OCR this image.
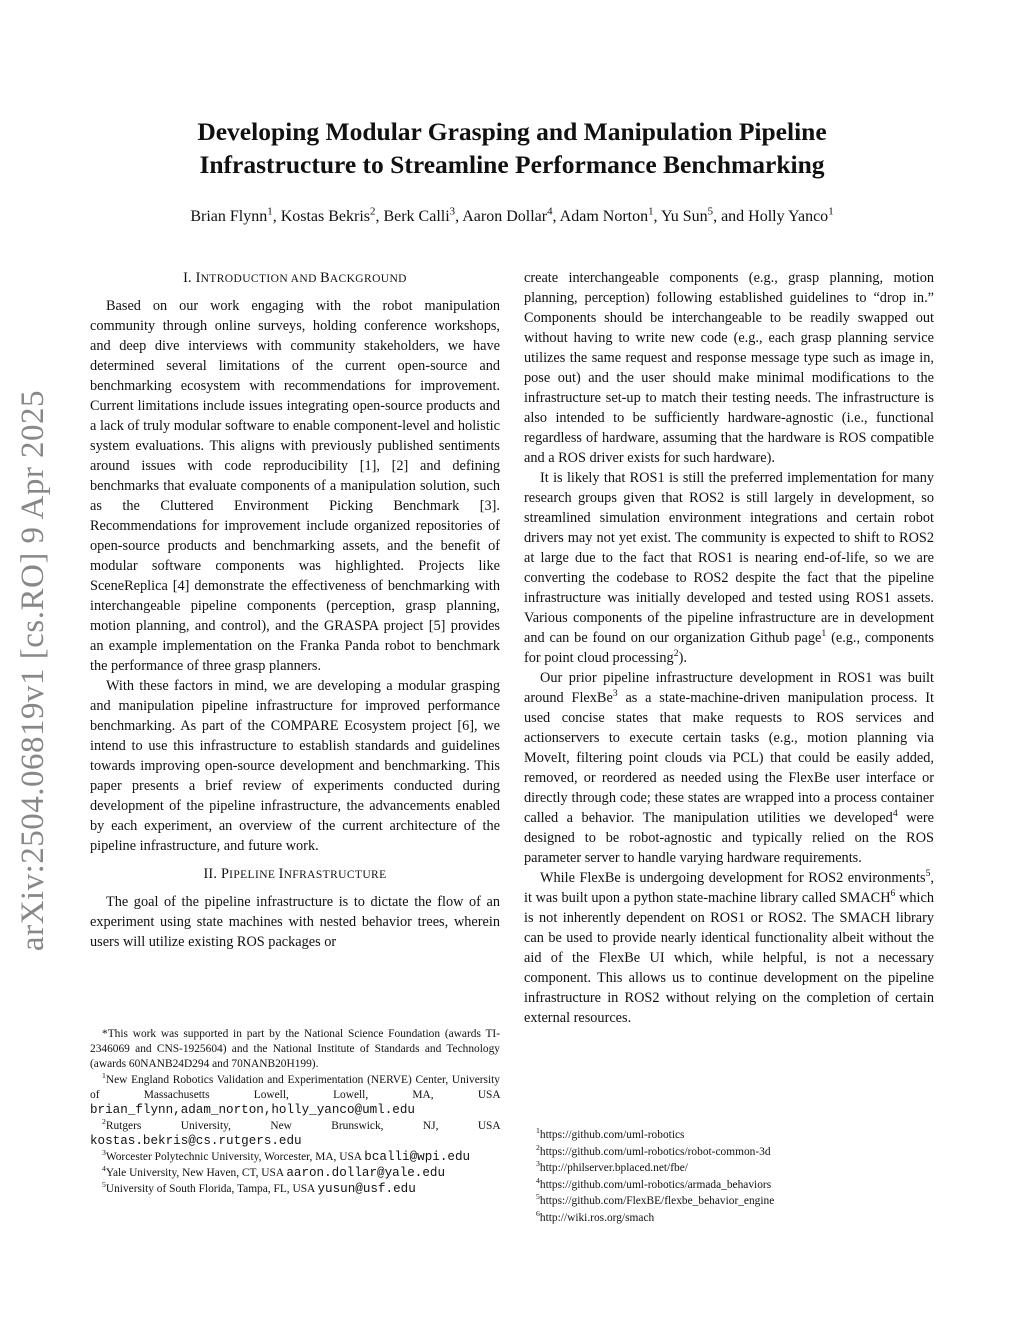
arXiv:2504.06819v1 [cs.RO] 9 Apr 2025
Developing Modular Grasping and Manipulation Pipeline
Infrastructure to Streamline Performance Benchmarking
Brian Flynn$^1$, Kostas Bekris$^2$, Berk Calli$^3$, Aaron Dollar$^4$, Adam Norton$^1$, Yu Sun$^5$, and Holly Yanco$^1$
I. INTRODUCTION AND BACKGROUND

Based on our work engaging with the robot manipulation community through online surveys, holding conference workshops, and deep dive interviews with community stakeholders, we have determined several limitations of the current open-source and benchmarking ecosystem with recommendations for improvement. Current limitations include issues integrating open-source products and a lack of truly modular software to enable component-level and holistic system evaluations. This aligns with previously published sentiments around issues with code reproducibility [1], [2] and defining benchmarks that evaluate components of a manipulation solution, such as the Cluttered Environment Picking Benchmark [3]. Recommendations for improvement include organized repositories of open-source products and benchmarking assets, and the benefit of modular software components was highlighted. Projects like SceneReplica [4] demonstrate the effectiveness of benchmarking with interchangeable pipeline components (perception, grasp planning, motion planning, and control), and the GRASPA project [5] provides an example implementation on the Franka Panda robot to benchmark the performance of three grasp planners.

With these factors in mind, we are developing a modular grasping and manipulation pipeline infrastructure for improved performance benchmarking. As part of the COMPARE Ecosystem project [6], we intend to use this infrastructure to establish standards and guidelines towards improving open-source development and benchmarking. This paper presents a brief review of experiments conducted during development of the pipeline infrastructure, the advancements enabled by each experiment, an overview of the current architecture of the pipeline infrastructure, and future work.

II. PIPELINE INFRASTRUCTURE

The goal of the pipeline infrastructure is to dictate the flow of an experiment using state machines with nested behavior trees, wherein users will utilize existing ROS packages or

*This work was supported in part by the National Science Foundation (awards TI-2346069 and CNS-1925604) and the National Institute of Standards and Technology (awards 60NANB24D294 and 70NANB20H199).
$^1$New England Robotics Validation and Experimentation (NERVE) Center, University of Massachusetts Lowell, Lowell, MA, USA brian_flynn,adam_norton,holly_yanco@uml.edu
$^2$Rutgers University, New Brunswick, NJ, USA kostas.bekris@cs.rutgers.edu
$^3$Worcester Polytechnic University, Worcester, MA, USA bcalli@wpi.edu
$^4$Yale University, New Haven, CT, USA aaron.dollar@yale.edu
$^5$University of South Florida, Tampa, FL, USA yusun@usf.edu

create interchangeable components (e.g., grasp planning, motion planning, perception) following established guidelines to “drop in.” Components should be interchangeable to be readily swapped out without having to write new code (e.g., each grasp planning service utilizes the same request and response message type such as image in, pose out) and the user should make minimal modifications to the infrastructure set-up to match their testing needs. The infrastructure is also intended to be sufficiently hardware-agnostic (i.e., functional regardless of hardware, assuming that the hardware is ROS compatible and a ROS driver exists for such hardware).

It is likely that ROS1 is still the preferred implementation for many research groups given that ROS2 is still largely in development, so streamlined simulation environment integrations and certain robot drivers may not yet exist. The community is expected to shift to ROS2 at large due to the fact that ROS1 is nearing end-of-life, so we are converting the codebase to ROS2 despite the fact that the pipeline infrastructure was initially developed and tested using ROS1 assets. Various components of the pipeline infrastructure are in development and can be found on our organization Github page$^1$ (e.g., components for point cloud processing$^2$).

Our prior pipeline infrastructure development in ROS1 was built around FlexBe$^3$ as a state-machine-driven manipulation process. It used concise states that make requests to ROS services and actionservers to execute certain tasks (e.g., motion planning via MoveIt, filtering point clouds via PCL) that could be easily added, removed, or reordered as needed using the FlexBe user interface or directly through code; these states are wrapped into a process container called a behavior. The manipulation utilities we developed$^4$ were designed to be robot-agnostic and typically relied on the ROS parameter server to handle varying hardware requirements.

While FlexBe is undergoing development for ROS2 environments$^5$, it was built upon a python state-machine library called SMACH$^6$ which is not inherently dependent on ROS1 or ROS2. The SMACH library can be used to provide nearly identical functionality albeit without the aid of the FlexBe UI which, while helpful, is not a necessary component. This allows us to continue development on the pipeline infrastructure in ROS2 without relying on the completion of certain external resources.

$^1$https://github.com/uml-robotics
$^2$https://github.com/uml-robotics/robot-common-3d
$^3$http://philserver.bplaced.net/fbe/
$^4$https://github.com/uml-robotics/armada_behaviors
$^5$https://github.com/FlexBE/flexbe_behavior_engine
$^6$http://wiki.ros.org/smach
